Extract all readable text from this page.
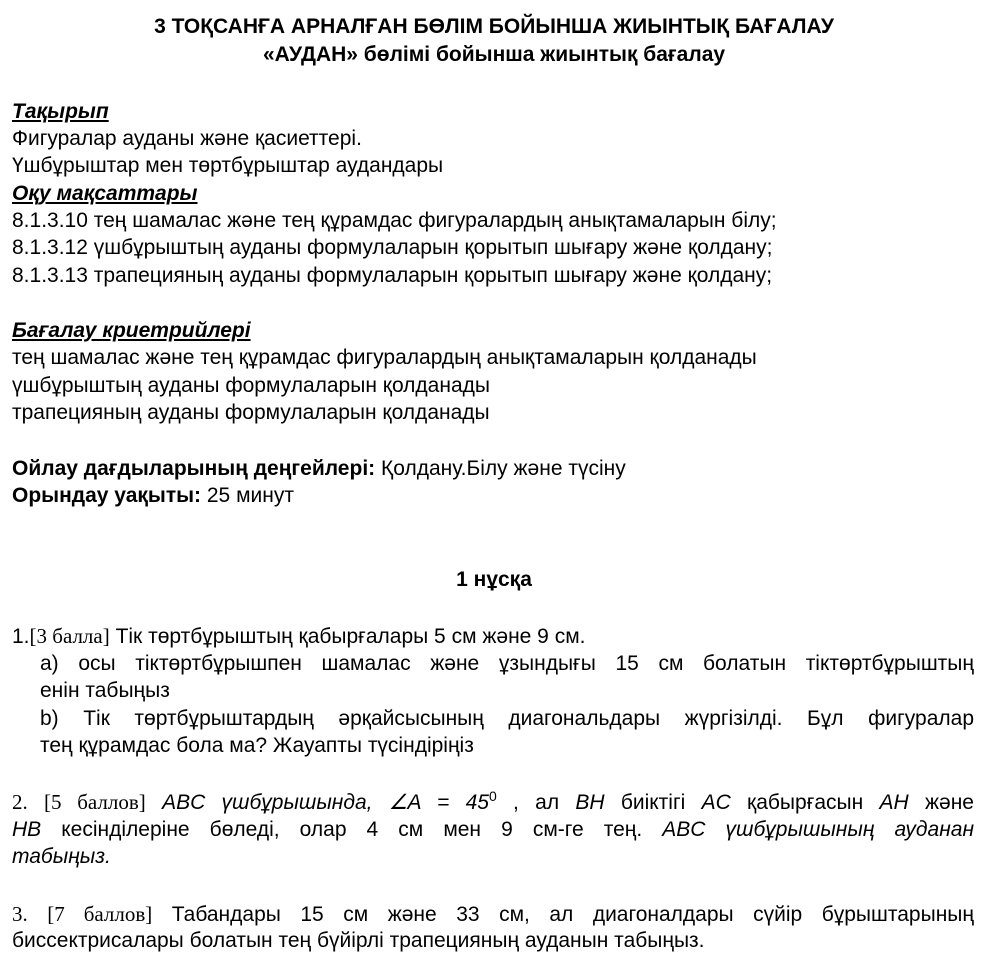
3 ТОҚСАНҒА АРНАЛҒАН БӨЛІМ БОЙЫНША ЖИЫНТЫҚ БАҒАЛАУ
«АУДАН» бөлімі бойынша жиынтық бағалау
Тақырып
Фигуралар ауданы және қасиеттері.
Үшбұрыштар мен төртбұрыштар аудандары
Оқу мақсаттары
8.1.3.10 тең шамалас және тең құрамдас фигуралардың анықтамаларын білу;
8.1.3.12 үшбұрыштың ауданы формулаларын қорытып шығару және қолдану;
8.1.3.13 трапецияның ауданы формулаларын қорытып шығару және қолдану;
Бағалау криетрийлері
тең шамалас және тең құрамдас фигуралардың анықтамаларын қолданады
үшбұрыштың ауданы формулаларын қолданады
трапецияның ауданы формулаларын қолданады
Ойлау дағдыларының деңгейлері: Қолдану.Білу және түсіну
Орындау уақыты: 25 минут
1 нұсқа
1.[3 балла] Тік төртбұрыштың қабырғалары 5 см және 9 см.
а) осы тіктөртбұрышпен шамалас және ұзындығы 15 см болатын тіктөртбұрыштың
енін табыңыз
b) Тік төртбұрыштардың әрқайсысының диагональдары жүргізілді. Бұл фигуралар
тең құрамдас бола ма? Жауапты түсіндіріңіз
2. [5 баллов] ABC үшбұрышында, ∠A = $45^0$ , ал BH биіктігі AC қабырғасын AH және
HB кесінділеріне бөледі, олар 4 см мен 9 см-ге тең. ABC үшбұрышының ауданан
табыңыз.
3. [7 баллов] Табандары 15 см және 33 см, ал диагоналдары сүйір бұрыштарының
биссектрисалары болатын тең бүйірлі трапецияның ауданын табыңыз.
